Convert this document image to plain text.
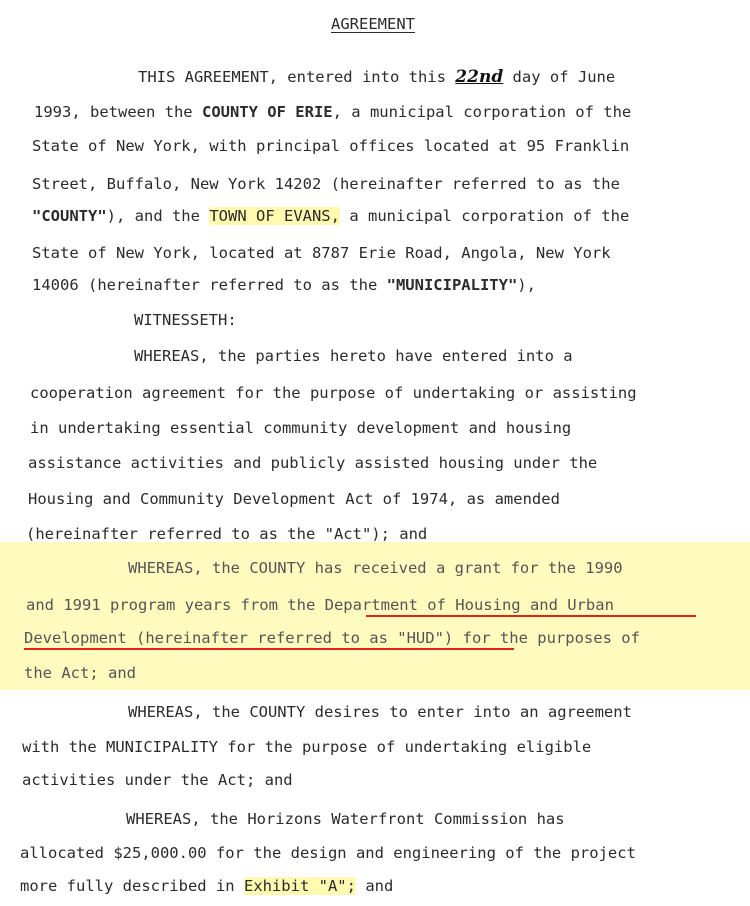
AGREEMENT
THIS AGREEMENT, entered into this 22nd day of June
1993, between the COUNTY OF ERIE, a municipal corporation of the
State of New York, with principal offices located at 95 Franklin
Street, Buffalo, New York 14202 (hereinafter referred to as the
"COUNTY"), and the TOWN OF EVANS, a municipal corporation of the
State of New York, located at 8787 Erie Road, Angola, New York
14006 (hereinafter referred to as the "MUNICIPALITY"),
WITNESSETH:
WHEREAS, the parties hereto have entered into a
cooperation agreement for the purpose of undertaking or assisting
in undertaking essential community development and housing
assistance activities and publicly assisted housing under the
Housing and Community Development Act of 1974, as amended
(hereinafter referred to as the "Act"); and
WHEREAS, the COUNTY has received a grant for the 1990
and 1991 program years from the Department of Housing and Urban
Development (hereinafter referred to as "HUD") for the purposes of
the Act; and
WHEREAS, the COUNTY desires to enter into an agreement
with the MUNICIPALITY for the purpose of undertaking eligible
activities under the Act; and
WHEREAS, the Horizons Waterfront Commission has
allocated $25,000.00 for the design and engineering of the project
more fully described in Exhibit "A"; and
